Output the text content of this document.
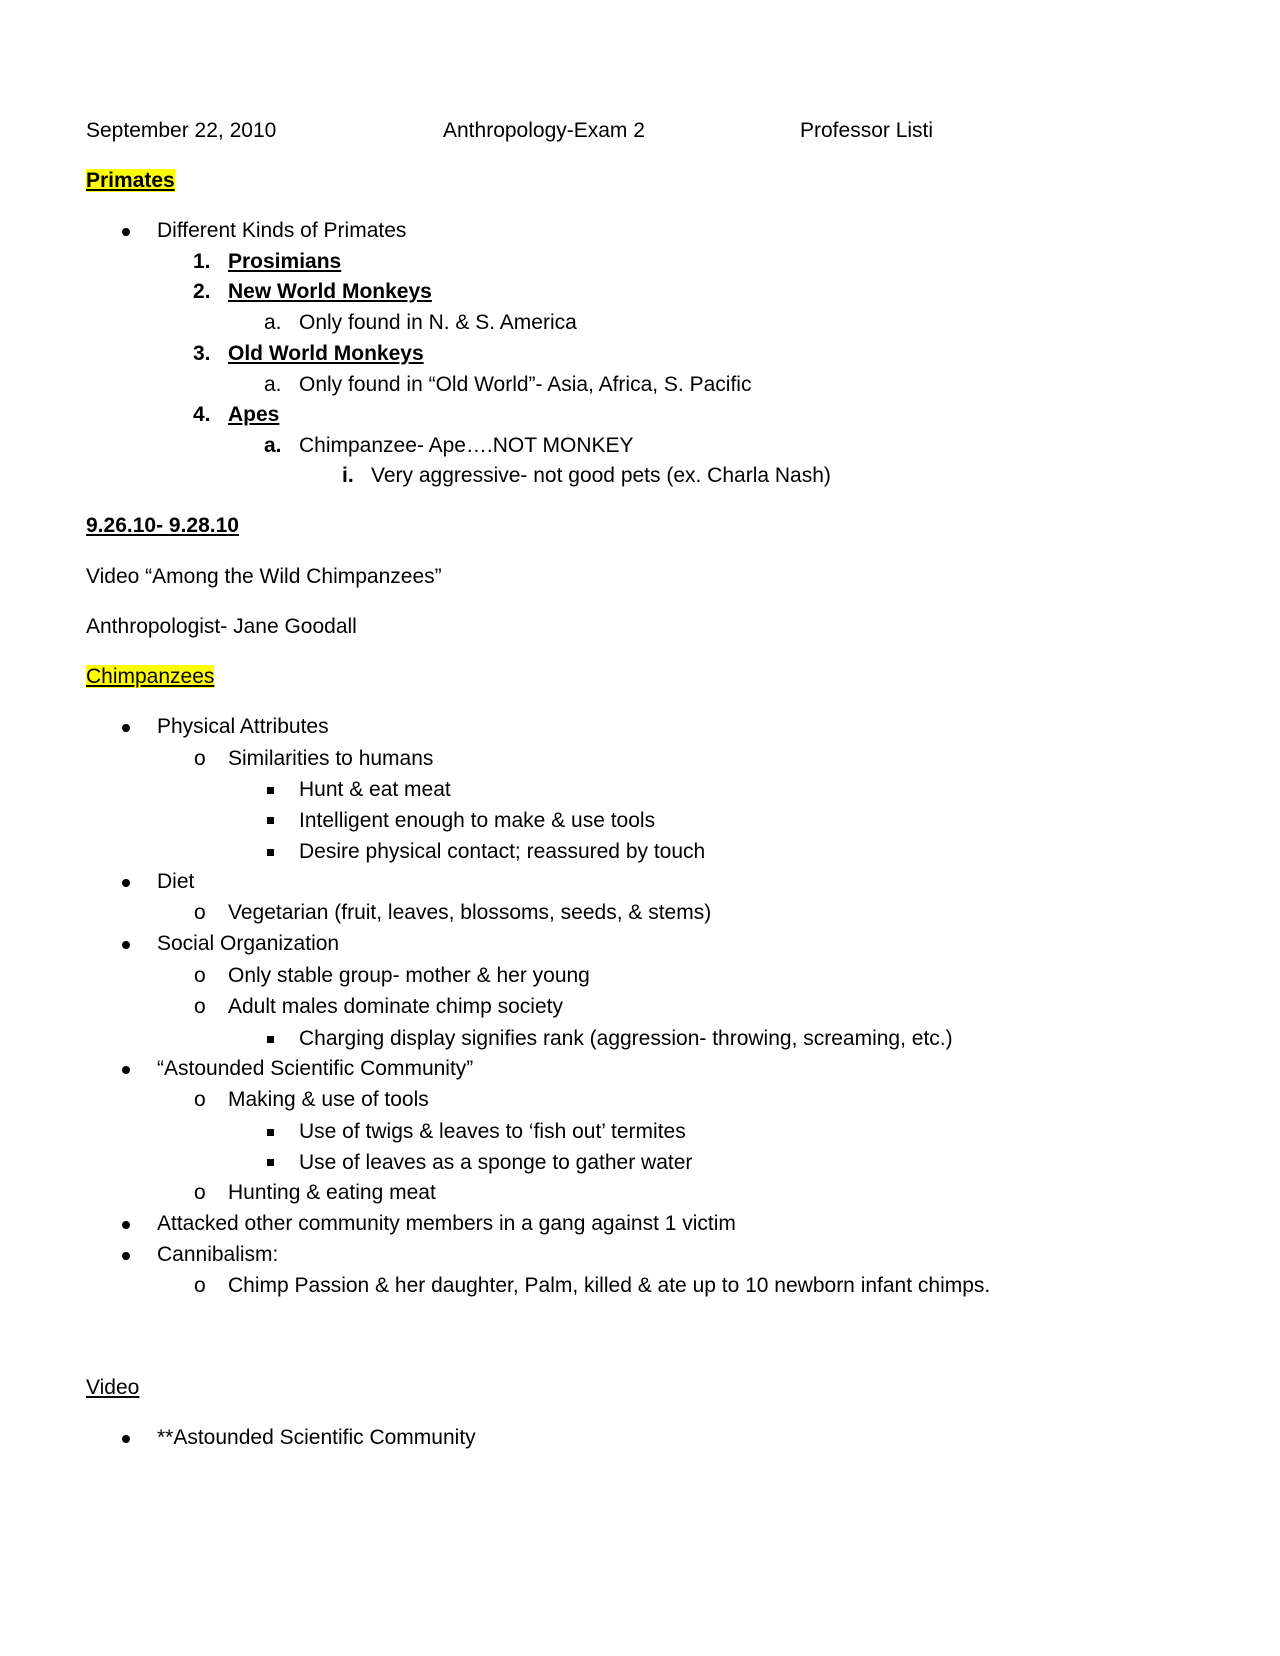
September 22, 2010	Anthropology-Exam 2	Professor Listi
Primates
Different Kinds of Primates
1. Prosimians
2. New World Monkeys
a. Only found in N. & S. America
3. Old World Monkeys
a. Only found in “Old World”- Asia, Africa, S. Pacific
4. Apes
a. Chimpanzee- Ape….NOT MONKEY
i. Very aggressive- not good pets (ex. Charla Nash)
9.26.10- 9.28.10
Video “Among the Wild Chimpanzees”
Anthropologist- Jane Goodall
Chimpanzees
Physical Attributes
o Similarities to humans
Hunt & eat meat
Intelligent enough to make & use tools
Desire physical contact; reassured by touch
Diet
o Vegetarian (fruit, leaves, blossoms, seeds, & stems)
Social Organization
o Only stable group- mother & her young
o Adult males dominate chimp society
Charging display signifies rank (aggression- throwing, screaming, etc.)
“Astounded Scientific Community”
o Making & use of tools
Use of twigs & leaves to ‘fish out’ termites
Use of leaves as a sponge to gather water
o Hunting & eating meat
Attacked other community members in a gang against 1 victim
Cannibalism:
o Chimp Passion & her daughter, Palm, killed & ate up to 10 newborn infant chimps.
Video
**Astounded Scientific Community
